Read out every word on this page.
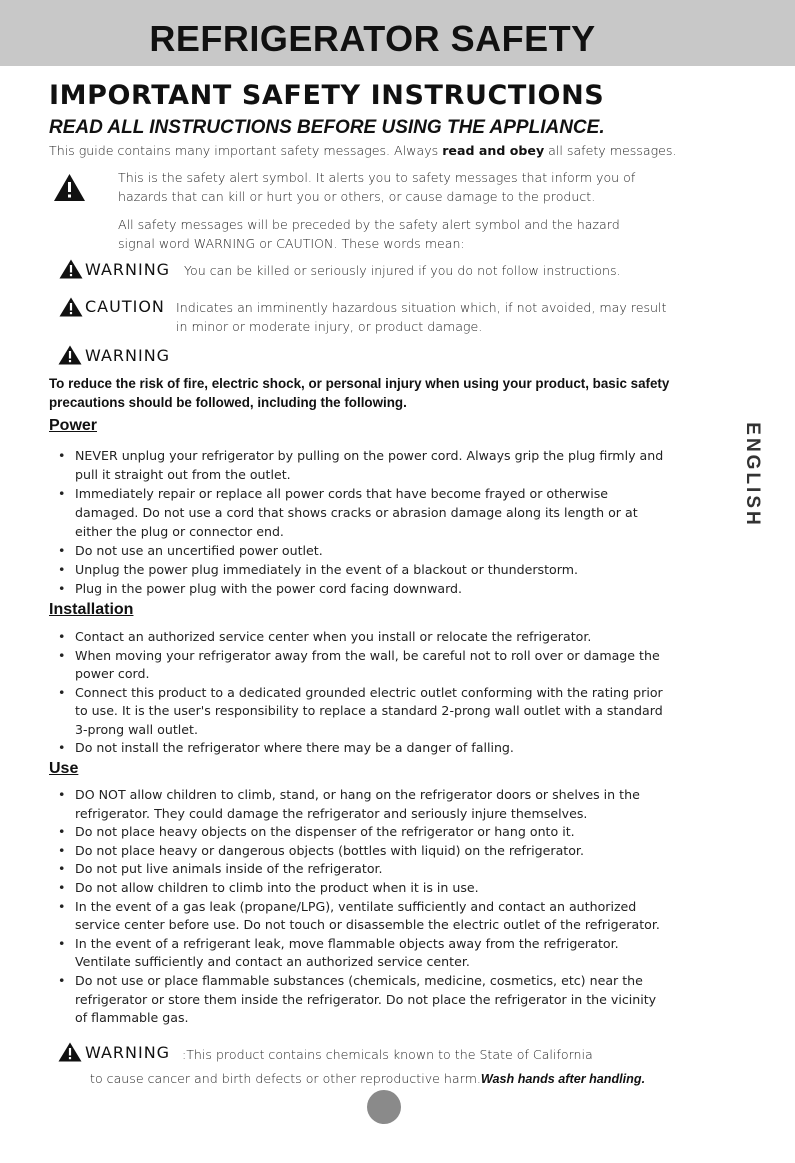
REFRIGERATOR SAFETY
IMPORTANT SAFETY INSTRUCTIONS
READ ALL INSTRUCTIONS BEFORE USING THE APPLIANCE.
This guide contains many important safety messages. Always read and obey all safety messages.
This is the safety alert symbol. It alerts you to safety messages that inform you of
hazards that can kill or hurt you or others, or cause damage to the product.
All safety messages will be preceded by the safety alert symbol and the hazard
signal word WARNING or CAUTION. These words mean:
WARNING You can be killed or seriously injured if you do not follow instructions.
CAUTION Indicates an imminently hazardous situation which, if not avoided, may result
in minor or moderate injury, or product damage.
WARNING
To reduce the risk of fire, electric shock, or personal injury when using your product, basic safety
precautions should be followed, including the following.
Power
Installation
Use
• NEVER unplug your refrigerator by pulling on the power cord. Always grip the plug firmly and
pull it straight out from the outlet.
• Immediately repair or replace all power cords that have become frayed or otherwise
damaged. Do not use a cord that shows cracks or abrasion damage along its length or at
either the plug or connector end.
• Do not use an uncertified power outlet.
• Unplug the power plug immediately in the event of a blackout or thunderstorm.
• Plug in the power plug with the power cord facing downward.
• Contact an authorized service center when you install or relocate the refrigerator.
• When moving your refrigerator away from the wall, be careful not to roll over or damage the
power cord.
• Connect this product to a dedicated grounded electric outlet conforming with the rating prior
to use. It is the user's responsibility to replace a standard 2-prong wall outlet with a standard
3-prong wall outlet.
• Do not install the refrigerator where there may be a danger of falling.
• DO NOT allow children to climb, stand, or hang on the refrigerator doors or shelves in the
refrigerator. They could damage the refrigerator and seriously injure themselves.
• Do not place heavy objects on the dispenser of the refrigerator or hang onto it.
• Do not place heavy or dangerous objects (bottles with liquid) on the refrigerator.
• Do not put live animals inside of the refrigerator.
• Do not allow children to climb into the product when it is in use.
• In the event of a gas leak (propane/LPG), ventilate sufficiently and contact an authorized
service center before use. Do not touch or disassemble the electric outlet of the refrigerator.
• In the event of a refrigerant leak, move flammable objects away from the refrigerator.
Ventilate sufficiently and contact an authorized service center.
• Do not use or place flammable substances (chemicals, medicine, cosmetics, etc) near the
refrigerator or store them inside the refrigerator. Do not place the refrigerator in the vicinity
of flammable gas.
WARNING :This product contains chemicals known to the State of California
to cause cancer and birth defects or other reproductive harm.Wash hands after handling.
ENGLISH
